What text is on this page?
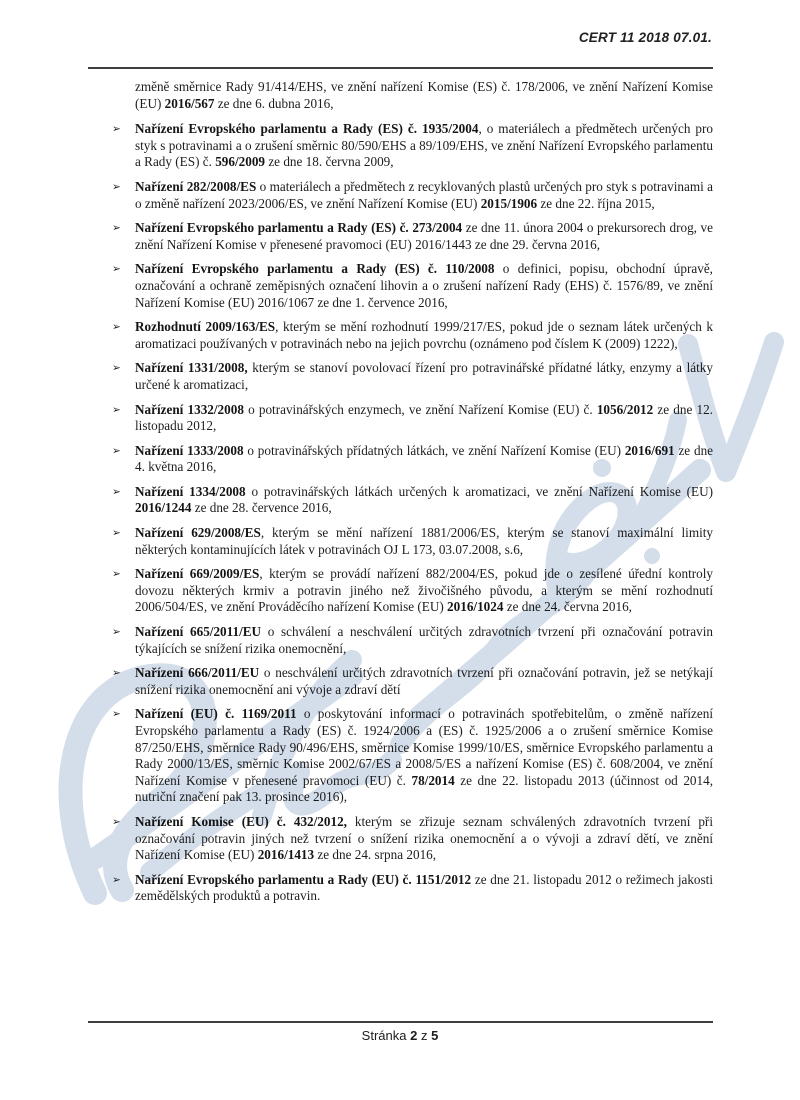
CERT 11 2018 07.01.

změně směrnice Rady 91/414/EHS, ve znění nařízení Komise (ES) č. 178/2006, ve znění Nařízení Komise (EU) 2016/567 ze dne 6. dubna 2016,

➢	Nařízení Evropského parlamentu a Rady (ES) č. 1935/2004, o materiálech a předmětech určených pro styk s potravinami a o zrušení směrnic 80/590/EHS a 89/109/EHS, ve znění Nařízení Evropského parlamentu a Rady (ES) č. 596/2009 ze dne 18. června 2009,

➢	Nařízení 282/2008/ES o materiálech a předmětech z recyklovaných plastů určených pro styk s potravinami a o změně nařízení 2023/2006/ES, ve znění Nařízení Komise (EU) 2015/1906 ze dne 22. října 2015,

➢	Nařízení Evropského parlamentu a Rady (ES) č. 273/2004 ze dne 11. února 2004 o prekursorech drog, ve znění Nařízení Komise v přenesené pravomoci (EU) 2016/1443 ze dne 29. června 2016,

➢	Nařízení Evropského parlamentu a Rady (ES) č. 110/2008 o definici, popisu, obchodní úpravě, označování a ochraně zeměpisných označení lihovin a o zrušení nařízení Rady (EHS) č. 1576/89, ve znění Nařízení Komise (EU) 2016/1067 ze dne 1. července 2016,

➢	Rozhodnutí 2009/163/ES, kterým se mění rozhodnutí 1999/217/ES, pokud jde o seznam látek určených k aromatizaci používaných v potravinách nebo na jejich povrchu (oznámeno pod číslem K (2009) 1222),

➢	Nařízení 1331/2008, kterým se stanoví povolovací řízení pro potravinářské přídatné látky, enzymy a látky určené k aromatizaci,

➢	Nařízení 1332/2008 o potravinářských enzymech, ve znění Nařízení Komise (EU) č. 1056/2012 ze dne 12. listopadu 2012,

➢	Nařízení 1333/2008 o potravinářských přídatných látkách, ve znění Nařízení Komise (EU) 2016/691 ze dne 4. května 2016,

➢	Nařízení 1334/2008 o potravinářských látkách určených k aromatizaci, ve znění Nařízení Komise (EU) 2016/1244 ze dne 28. července 2016,

➢	Nařízení 629/2008/ES, kterým se mění nařízení 1881/2006/ES, kterým se stanoví maximální limity některých kontaminujících látek v potravinách OJ L 173, 03.07.2008, s.6,

➢	Nařízení 669/2009/ES, kterým se provádí nařízení 882/2004/ES, pokud jde o zesílené úřední kontroly dovozu některých krmiv a potravin jiného než živočišného původu, a kterým se mění rozhodnutí 2006/504/ES, ve znění Prováděcího nařízení Komise (EU) 2016/1024 ze dne 24. června 2016,

➢	Nařízení 665/2011/EU o schválení a neschválení určitých zdravotních tvrzení při označování potravin týkajících se snížení rizika onemocnění,

➢	Nařízení 666/2011/EU o neschválení určitých zdravotních tvrzení při označování potravin, jež se netýkají snížení rizika onemocnění ani vývoje a zdraví dětí

➢	Nařízení (EU) č. 1169/2011 o poskytování informací o potravinách spotřebitelům, o změně nařízení Evropského parlamentu a Rady (ES) č. 1924/2006 a (ES) č. 1925/2006 a o zrušení směrnice Komise 87/250/EHS, směrnice Rady 90/496/EHS, směrnice Komise 1999/10/ES, směrnice Evropského parlamentu a Rady 2000/13/ES, směrnic Komise 2002/67/ES a 2008/5/ES a nařízení Komise (ES) č. 608/2004, ve znění Nařízení Komise v přenesené pravomoci (EU) č. 78/2014 ze dne 22. listopadu 2013 (účinnost od 2014, nutriční značení pak 13. prosince 2016),

➢	Nařízení Komise (EU) č. 432/2012, kterým se zřizuje seznam schválených zdravotních tvrzení při označování potravin jiných než tvrzení o snížení rizika onemocnění a o vývoji a zdraví dětí, ve znění Nařízení Komise (EU) 2016/1413 ze dne 24. srpna 2016,

➢	Nařízení Evropského parlamentu a Rady (EU) č. 1151/2012 ze dne 21. listopadu 2012 o režimech jakosti zemědělských produktů a potravin.

Stránka 2 z 5
